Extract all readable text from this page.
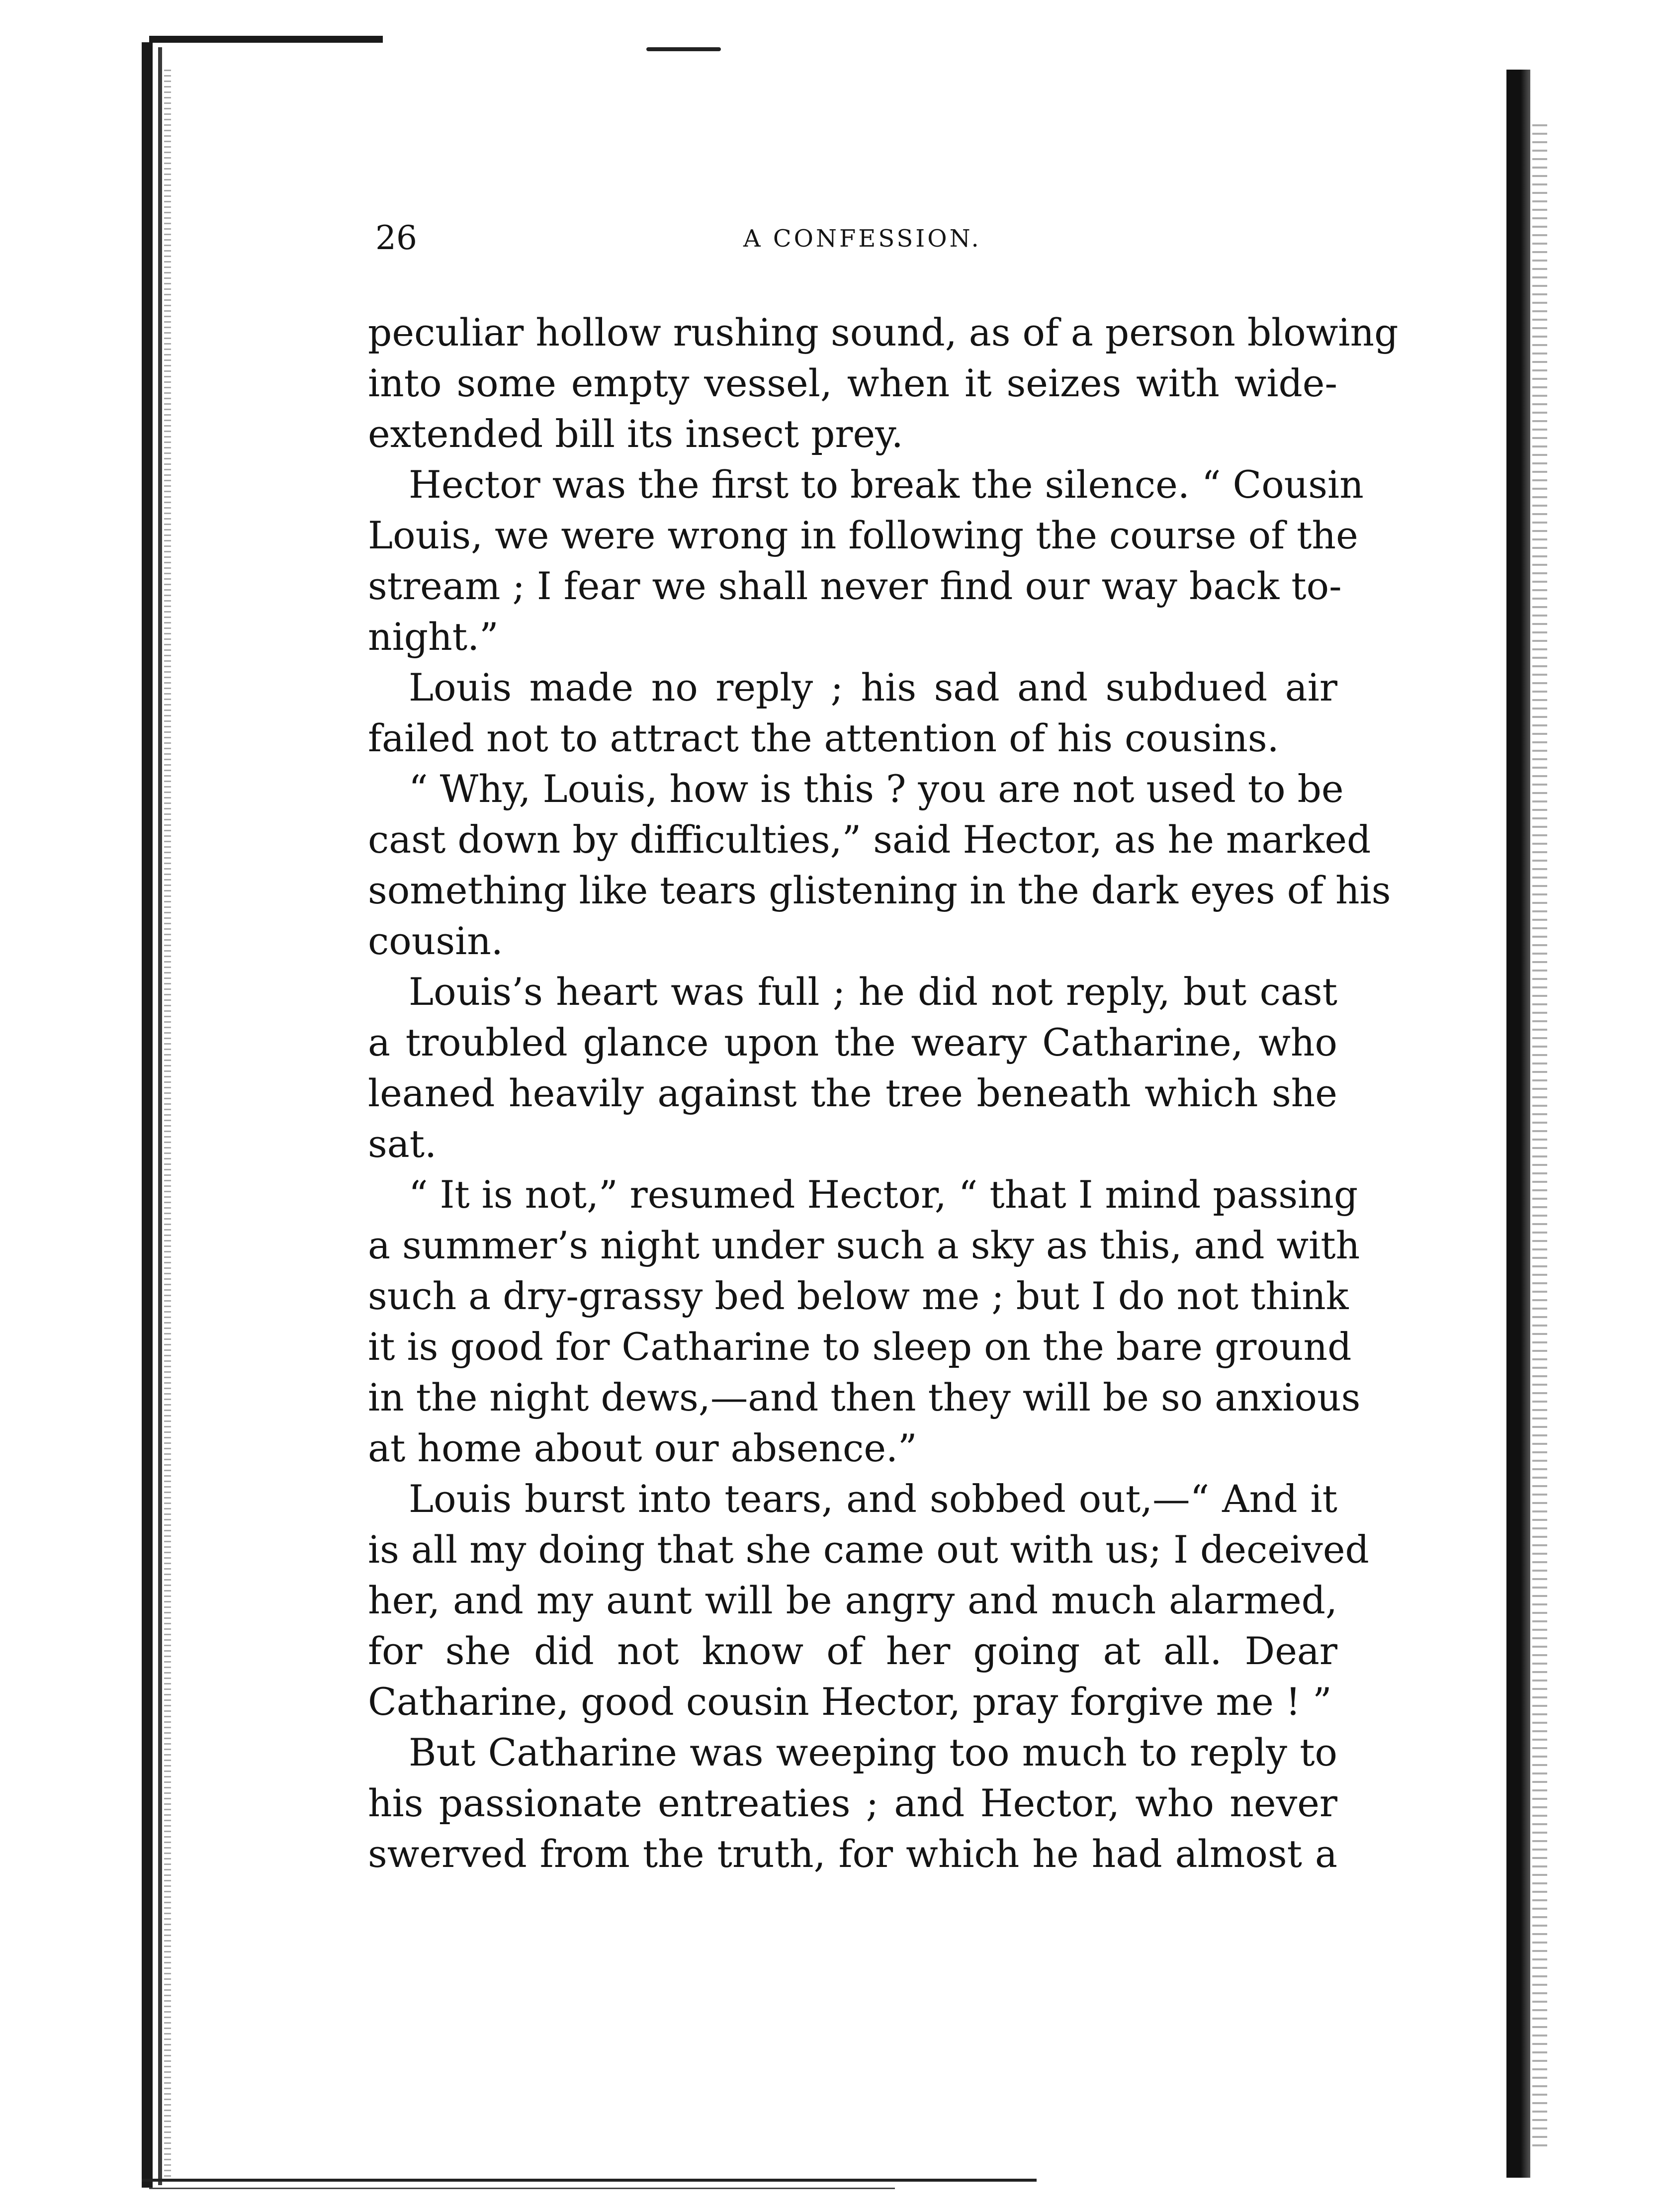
26	A CONFESSION.
peculiar hollow rushing sound, as of a person blowing
into some empty vessel, when it seizes with wide-
extended bill its insect prey.
Hector was the first to break the silence. “ Cousin
Louis, we were wrong in following the course of the
stream ; I fear we shall never find our way back to-
night.”
Louis made no reply ; his sad and subdued air
failed not to attract the attention of his cousins.
“ Why, Louis, how is this ? you are not used to be
cast down by difficulties,” said Hector, as he marked
something like tears glistening in the dark eyes of his
cousin.
Louis’s heart was full ; he did not reply, but cast
a troubled glance upon the weary Catharine, who
leaned heavily against the tree beneath which she
sat.
“ It is not,” resumed Hector, “ that I mind passing
a summer’s night under such a sky as this, and with
such a dry-grassy bed below me ; but I do not think
it is good for Catharine to sleep on the bare ground
in the night dews,—and then they will be so anxious
at home about our absence.”
Louis burst into tears, and sobbed out,—“ And it
is all my doing that she came out with us; I deceived
her, and my aunt will be angry and much alarmed,
for she did not know of her going at all. Dear
Catharine, good cousin Hector, pray forgive me ! ”
But Catharine was weeping too much to reply to
his passionate entreaties ; and Hector, who never
swerved from the truth, for which he had almost a
